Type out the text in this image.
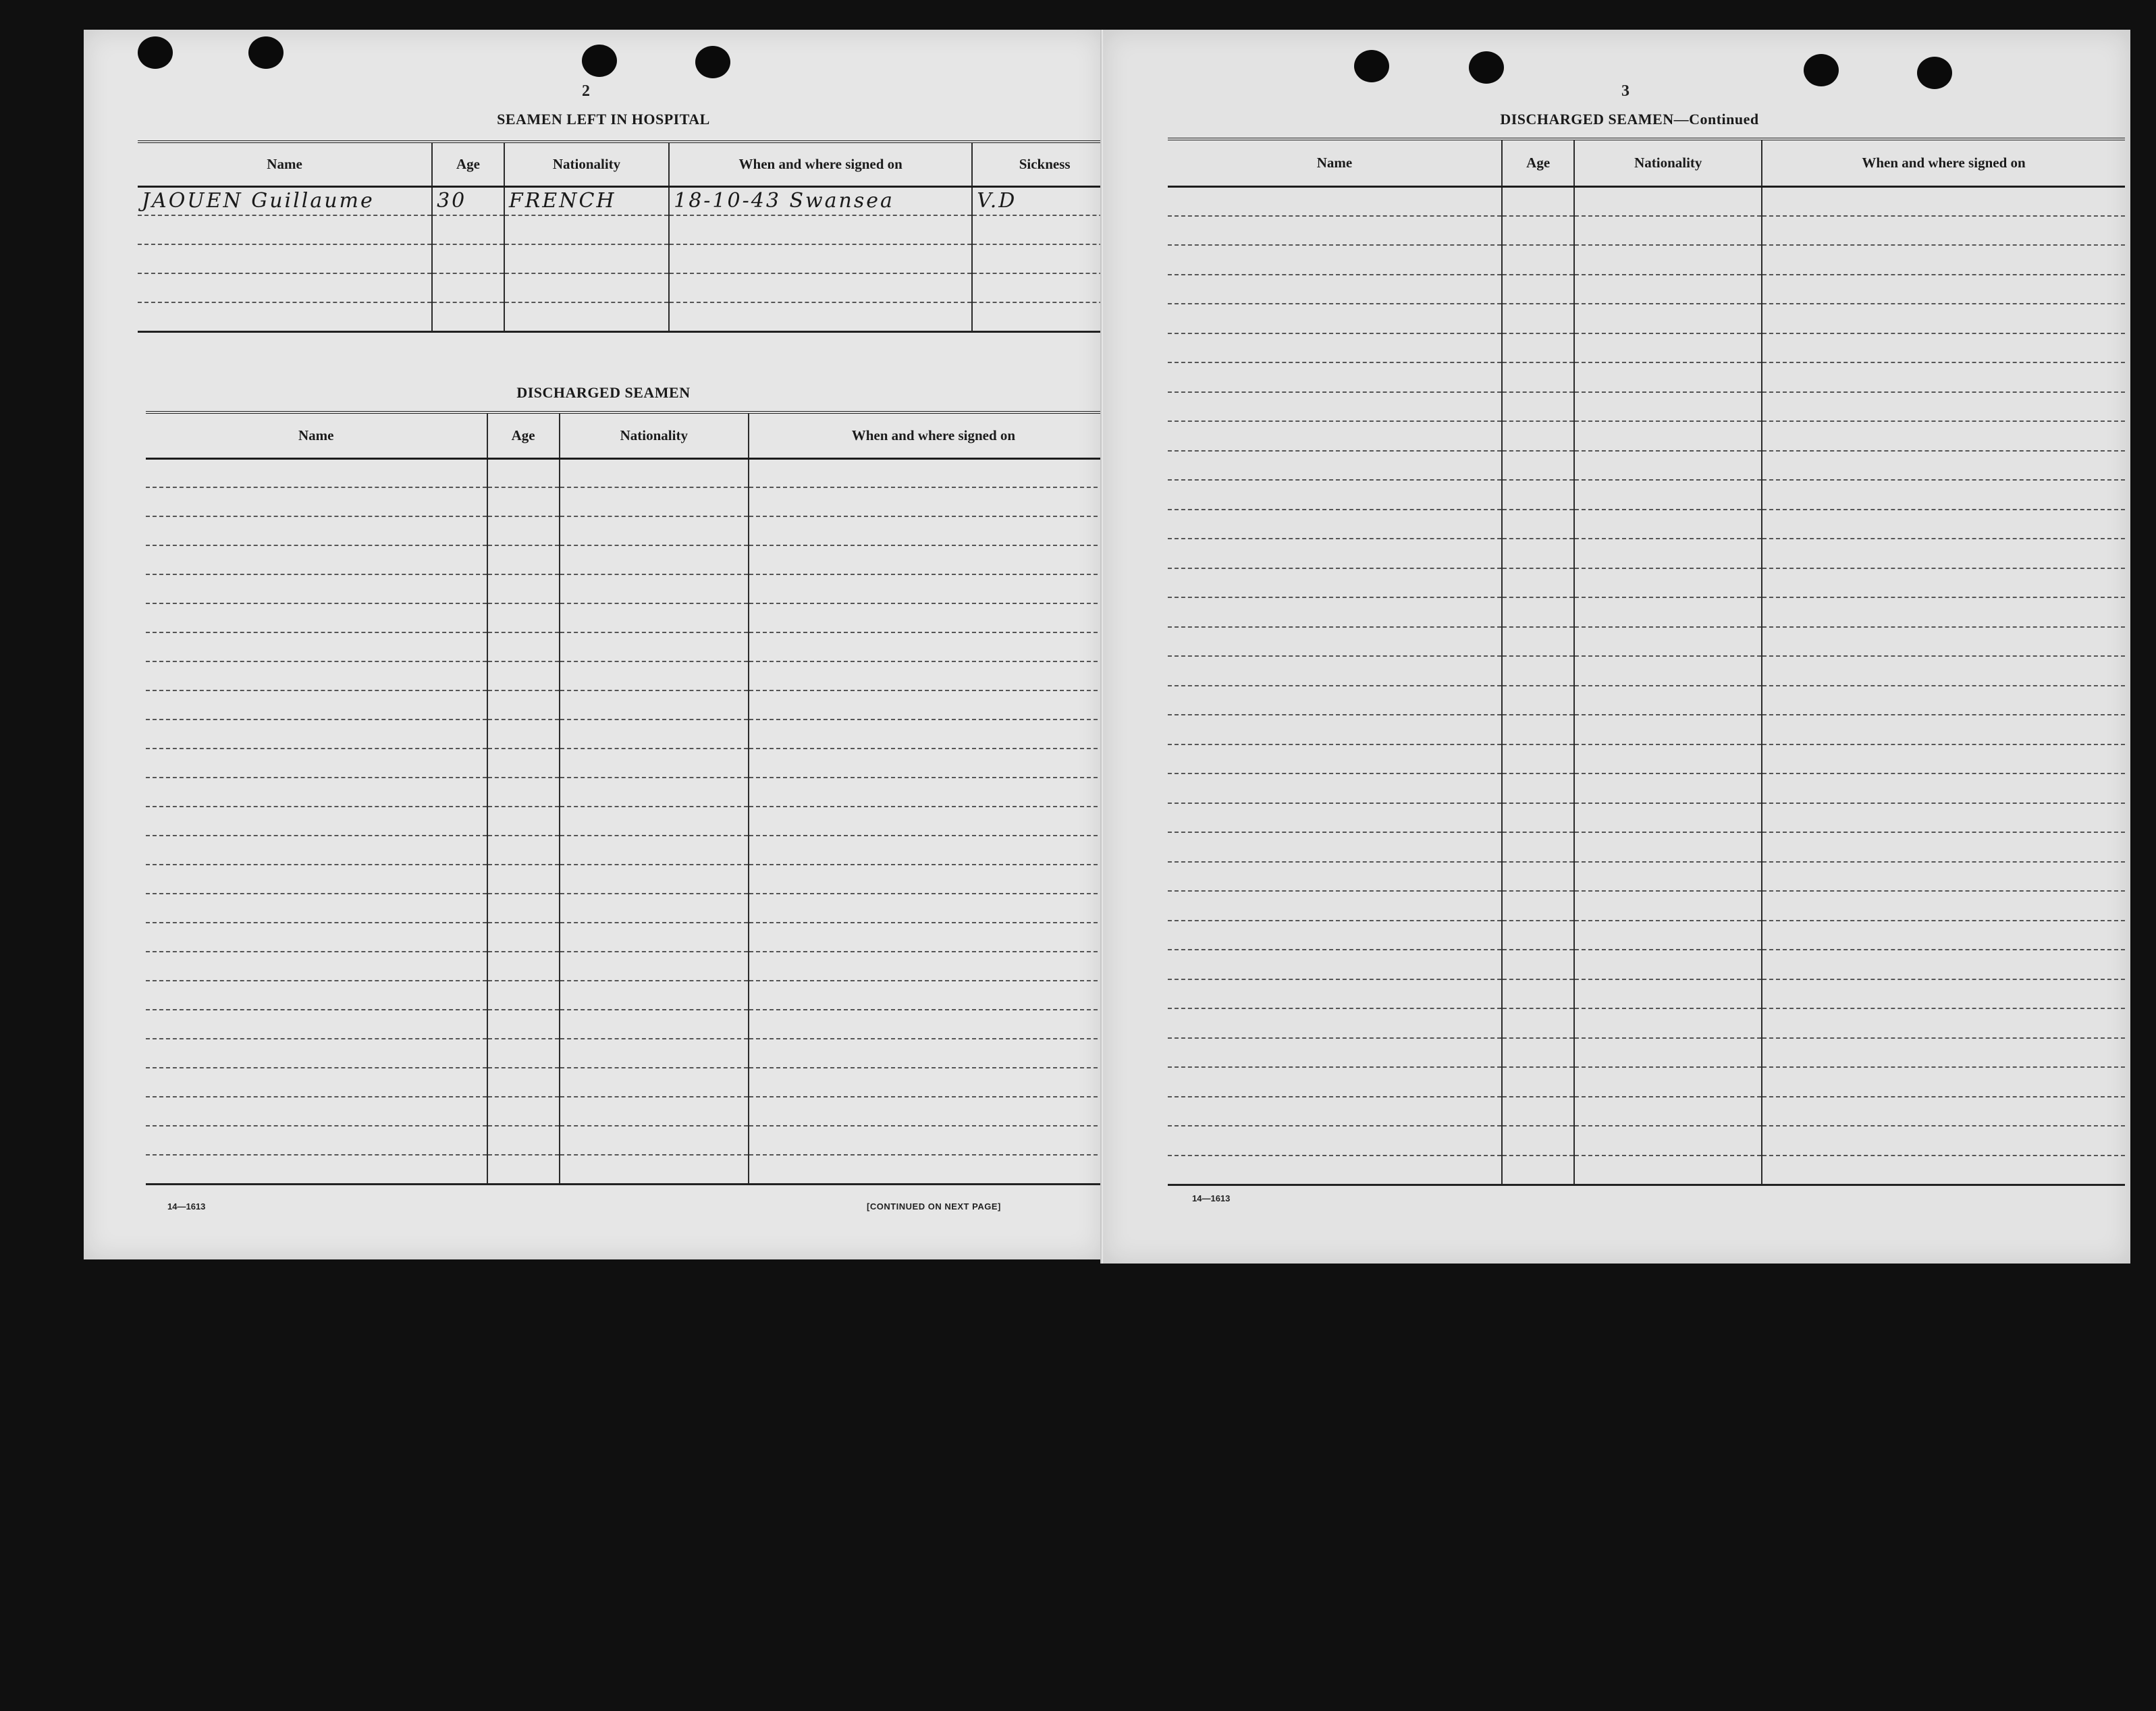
2
SEAMEN LEFT IN HOSPITAL
Name	Age	Nationality	When and where signed on	Sickness
JAOUEN Guillaume	30	FRENCH	18-10-43 Swansea	V.D

DISCHARGED SEAMEN
Name	Age	Nationality	When and where signed on

14—1613	[CONTINUED ON NEXT PAGE]
3
DISCHARGED SEAMEN—Continued
Name	Age	Nationality	When and where signed on

14—1613
